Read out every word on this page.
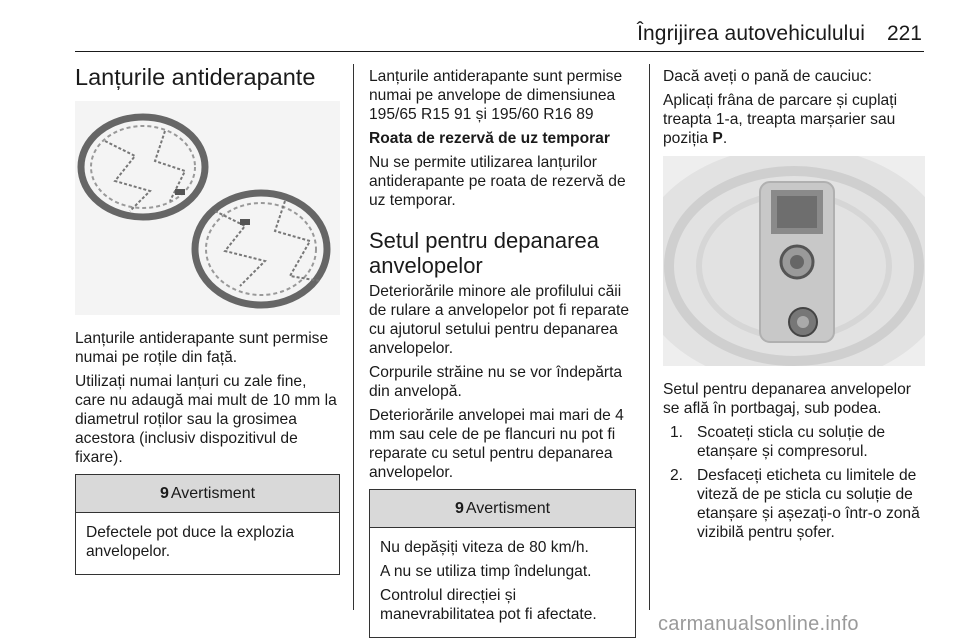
Îngrijirea autovehiculului 221
Lanțurile antiderapante

Lanțurile antiderapante sunt permise numai pe roțile din față.

Utilizați numai lanțuri cu zale fine, care nu adaugă mai mult de 10 mm la diametrul roților sau la grosimea acestora (inclusiv dispozitivul de fixare).

9 Avertisment

Defectele pot duce la explozia anvelopelor.

Lanțurile antiderapante sunt permise numai pe anvelope de dimensiunea 195/65 R15 91 și 195/60 R16 89

Roata de rezervă de uz temporar

Nu se permite utilizarea lanțurilor antiderapante pe roata de rezervă de uz temporar.

Setul pentru depanarea anvelopelor

Deteriorările minore ale profilului căii de rulare a anvelopelor pot fi reparate cu ajutorul setului pentru depanarea anvelopelor.

Corpurile străine nu se vor îndepărta din anvelopă.

Deteriorările anvelopei mai mari de 4 mm sau cele de pe flancuri nu pot fi reparate cu setul pentru depanarea anvelopelor.

9 Avertisment

Nu depășiți viteza de 80 km/h.

A nu se utiliza timp îndelungat.

Controlul direcției și manevrabilitatea pot fi afectate.

Dacă aveți o pană de cauciuc:

Aplicați frâna de parcare și cuplați treapta 1-a, treapta marșarier sau poziția P.

Setul pentru depanarea anvelopelor se află în portbagaj, sub podea.

1. Scoateți sticla cu soluție de etanșare și compresorul.
2. Desfaceți eticheta cu limitele de viteză de pe sticla cu soluție de etanșare și așezați-o într-o zonă vizibilă pentru șofer.
carmanualsonline.info
